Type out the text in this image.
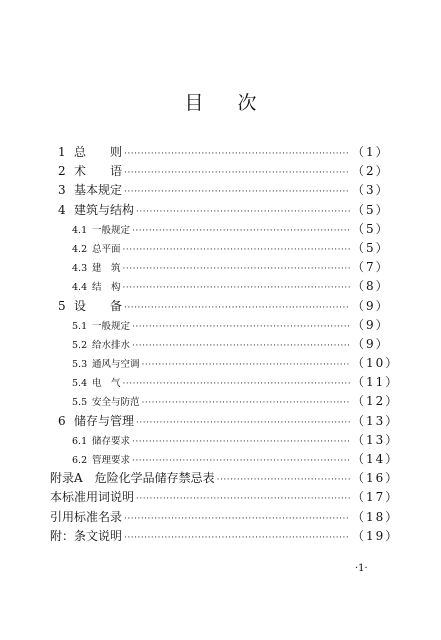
目 次
1 总　　则 ·····	（1）
2 术　　语 ·····	（2）
3 基本规定 ·····	（3）
4 建筑与结构 ·····	（5）
4.1 一般规定 ·····	（5）
4.2 总平面 ·····	（5）
4.3 建　筑 ·····	（7）
4.4 结　构 ·····	（8）
5 设　　备 ·····	（9）
5.1 一般规定 ·····	（9）
5.2 给水排水 ·····	（9）
5.3 通风与空调 ·····	（10）
5.4 电　气 ·····	（11）
5.5 安全与防范 ·····	（12）
6 储存与管理 ·····	（13）
6.1 储存要求 ·····	（13）
6.2 管理要求 ·····	（14）
附录A　危险化学品储存禁忌表 ·····	（16）
本标准用词说明 ·····	（17）
引用标准名录 ·····	（18）
附：条文说明 ·····	（19）
·1·
